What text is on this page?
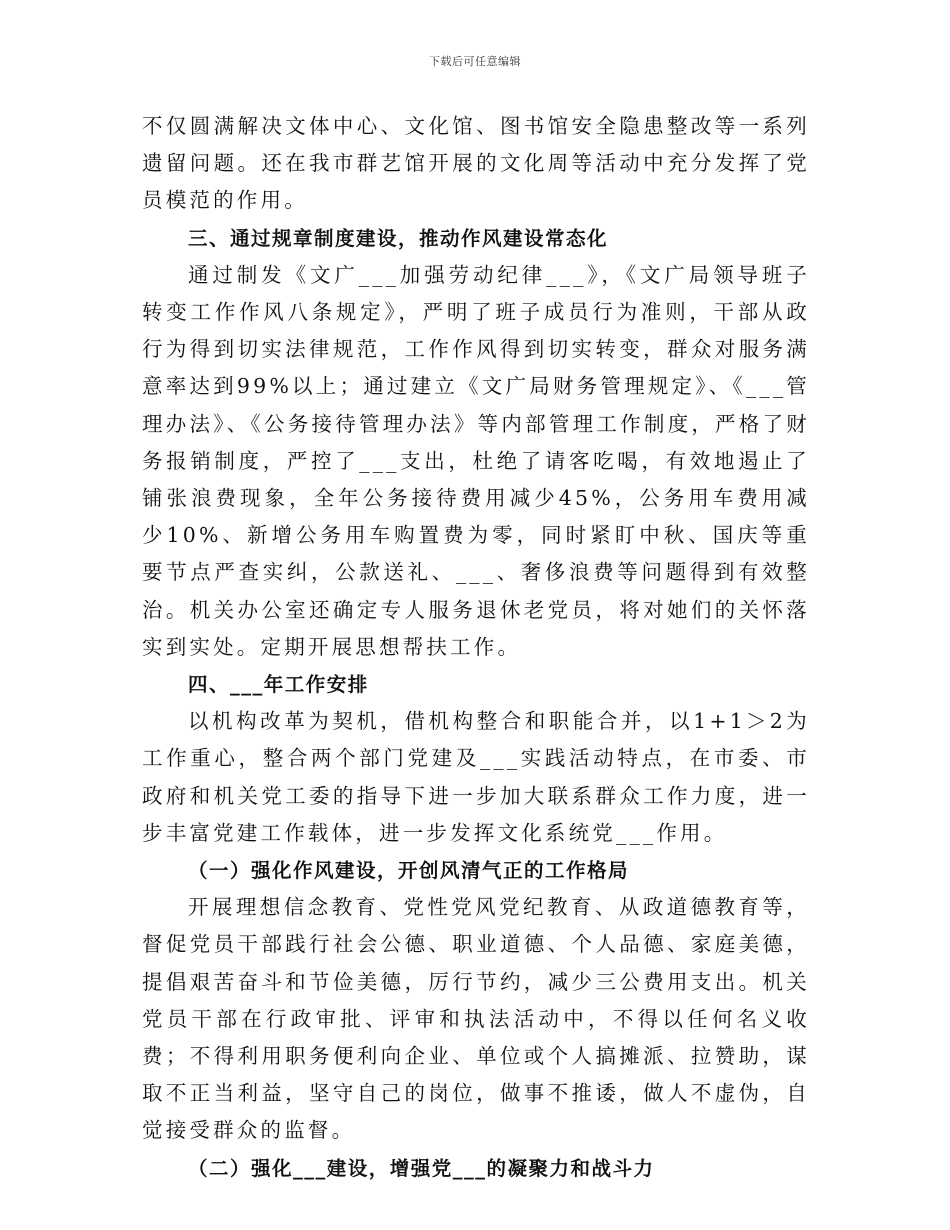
下载后可任意编辑

不仅圆满解决文体中心、文化馆、图书馆安全隐患整改等一系列遗留问题。还在我市群艺馆开展的文化周等活动中充分发挥了党员模范的作用。

三、通过规章制度建设，推动作风建设常态化

通过制发《文广___加强劳动纪律___》，《文广局领导班子转变工作作风八条规定》，严明了班子成员行为准则，干部从政行为得到切实法律规范，工作作风得到切实转变，群众对服务满意率达到99%以上；通过建立《文广局财务管理规定》、《___管理办法》、《公务接待管理办法》等内部管理工作制度，严格了财务报销制度，严控了___支出，杜绝了请客吃喝，有效地遏止了铺张浪费现象，全年公务接待费用减少45%，公务用车费用减少10%、新增公务用车购置费为零，同时紧盯中秋、国庆等重要节点严查实纠，公款送礼、___、奢侈浪费等问题得到有效整治。机关办公室还确定专人服务退休老党员，将对她们的关怀落实到实处。定期开展思想帮扶工作。

四、___年工作安排

以机构改革为契机，借机构整合和职能合并，以1+1＞2为工作重心，整合两个部门党建及___实践活动特点，在市委、市政府和机关党工委的指导下进一步加大联系群众工作力度，进一步丰富党建工作载体，进一步发挥文化系统党___作用。

（一）强化作风建设，开创风清气正的工作格局

开展理想信念教育、党性党风党纪教育、从政道德教育等，督促党员干部践行社会公德、职业道德、个人品德、家庭美德，提倡艰苦奋斗和节俭美德，厉行节约，减少三公费用支出。机关党员干部在行政审批、评审和执法活动中，不得以任何名义收费；不得利用职务便利向企业、单位或个人搞摊派、拉赞助，谋取不正当利益，坚守自己的岗位，做事不推诿，做人不虚伪，自觉接受群众的监督。

（二）强化___建设，增强党___的凝聚力和战斗力
